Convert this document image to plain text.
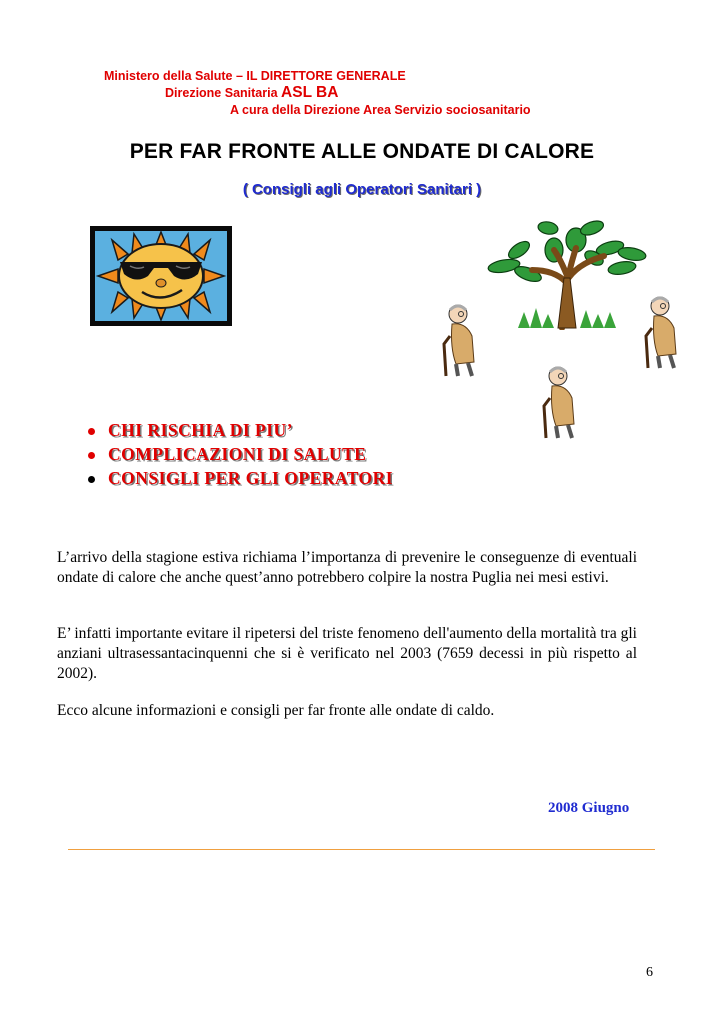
Ministero della Salute – IL DIRETTORE GENERALE
Direzione Sanitaria ASL BA
A cura della Direzione Area Servizio sociosanitario
PER FAR FRONTE ALLE ONDATE DI CALORE
( Consigli agli Operatori Sanitari )
CHI RISCHIA DI PIU’
COMPLICAZIONI DI SALUTE
CONSIGLI PER GLI OPERATORI

L’arrivo della stagione estiva richiama l’importanza di prevenire le conseguenze di eventuali ondate di calore che anche quest’anno potrebbero colpire la nostra Puglia nei mesi estivi.

E’ infatti importante evitare il ripetersi del triste fenomeno dell'aumento della mortalità tra gli anziani ultrasessantacinquenni che si è verificato nel 2003 (7659 decessi in più rispetto al 2002).

Ecco alcune informazioni e consigli per far fronte alle ondate di caldo.

2008 Giugno
6
